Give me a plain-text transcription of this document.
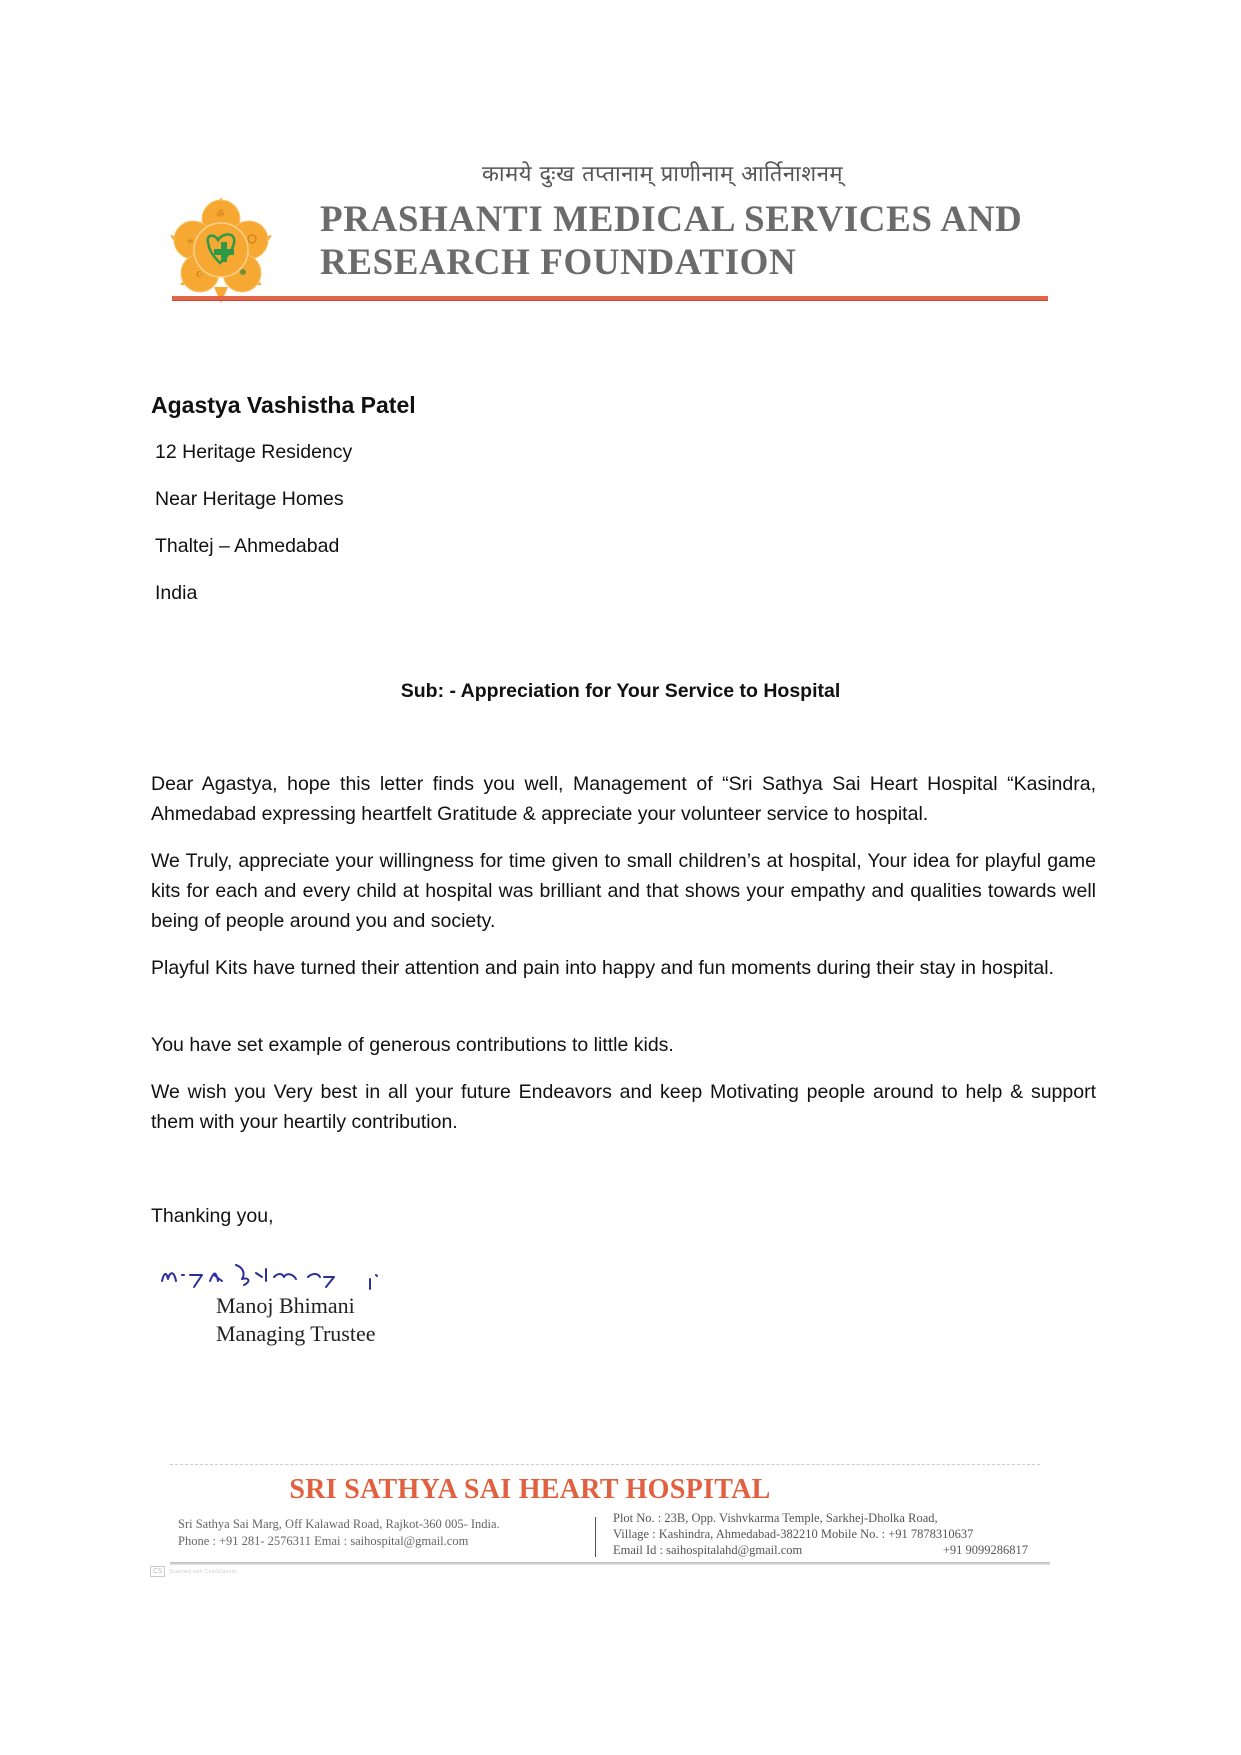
कामये दुःख तप्तानाम् प्राणीनाम् आर्तिनाशनम्
ॐ
+
☪
PRASHANTI MEDICAL SERVICES AND
RESEARCH FOUNDATION
Agastya Vashistha Patel
12 Heritage Residency
Near Heritage Homes
Thaltej – Ahmedabad
India
Sub: - Appreciation for Your Service to Hospital

Dear Agastya, hope this letter finds you well, Management of “Sri Sathya Sai Heart Hospital “Kasindra, Ahmedabad expressing heartfelt Gratitude & appreciate your volunteer service to hospital.

We Truly, appreciate your willingness for time given to small children’s at hospital, Your idea for playful game kits for each and every child at hospital was brilliant and that shows your empathy and qualities towards well being of people around you and society.

Playful Kits have turned their attention and pain into happy and fun moments during their stay in hospital.

You have set example of generous contributions to little kids.

We wish you Very best in all your future Endeavors and keep Motivating people around to help & support them with your heartily contribution.

Thanking you,
Manoj Bhimani
Managing Trustee
SRI SATHYA SAI HEART HOSPITAL
Sri Sathya Sai Marg, Off Kalawad Road, Rajkot-360 005- India.
Phone : +91 281- 2576311 Emai : saihospital@gmail.com
Plot No. : 23B, Opp. Vishvkarma Temple, Sarkhej-Dholka Road,
Village : Kashindra, Ahmedabad-382210 Mobile No. : +91 7878310637
Email Id : saihospitalahd@gmail.com	+91 9099286817
CS	Scanned with CamScanner
